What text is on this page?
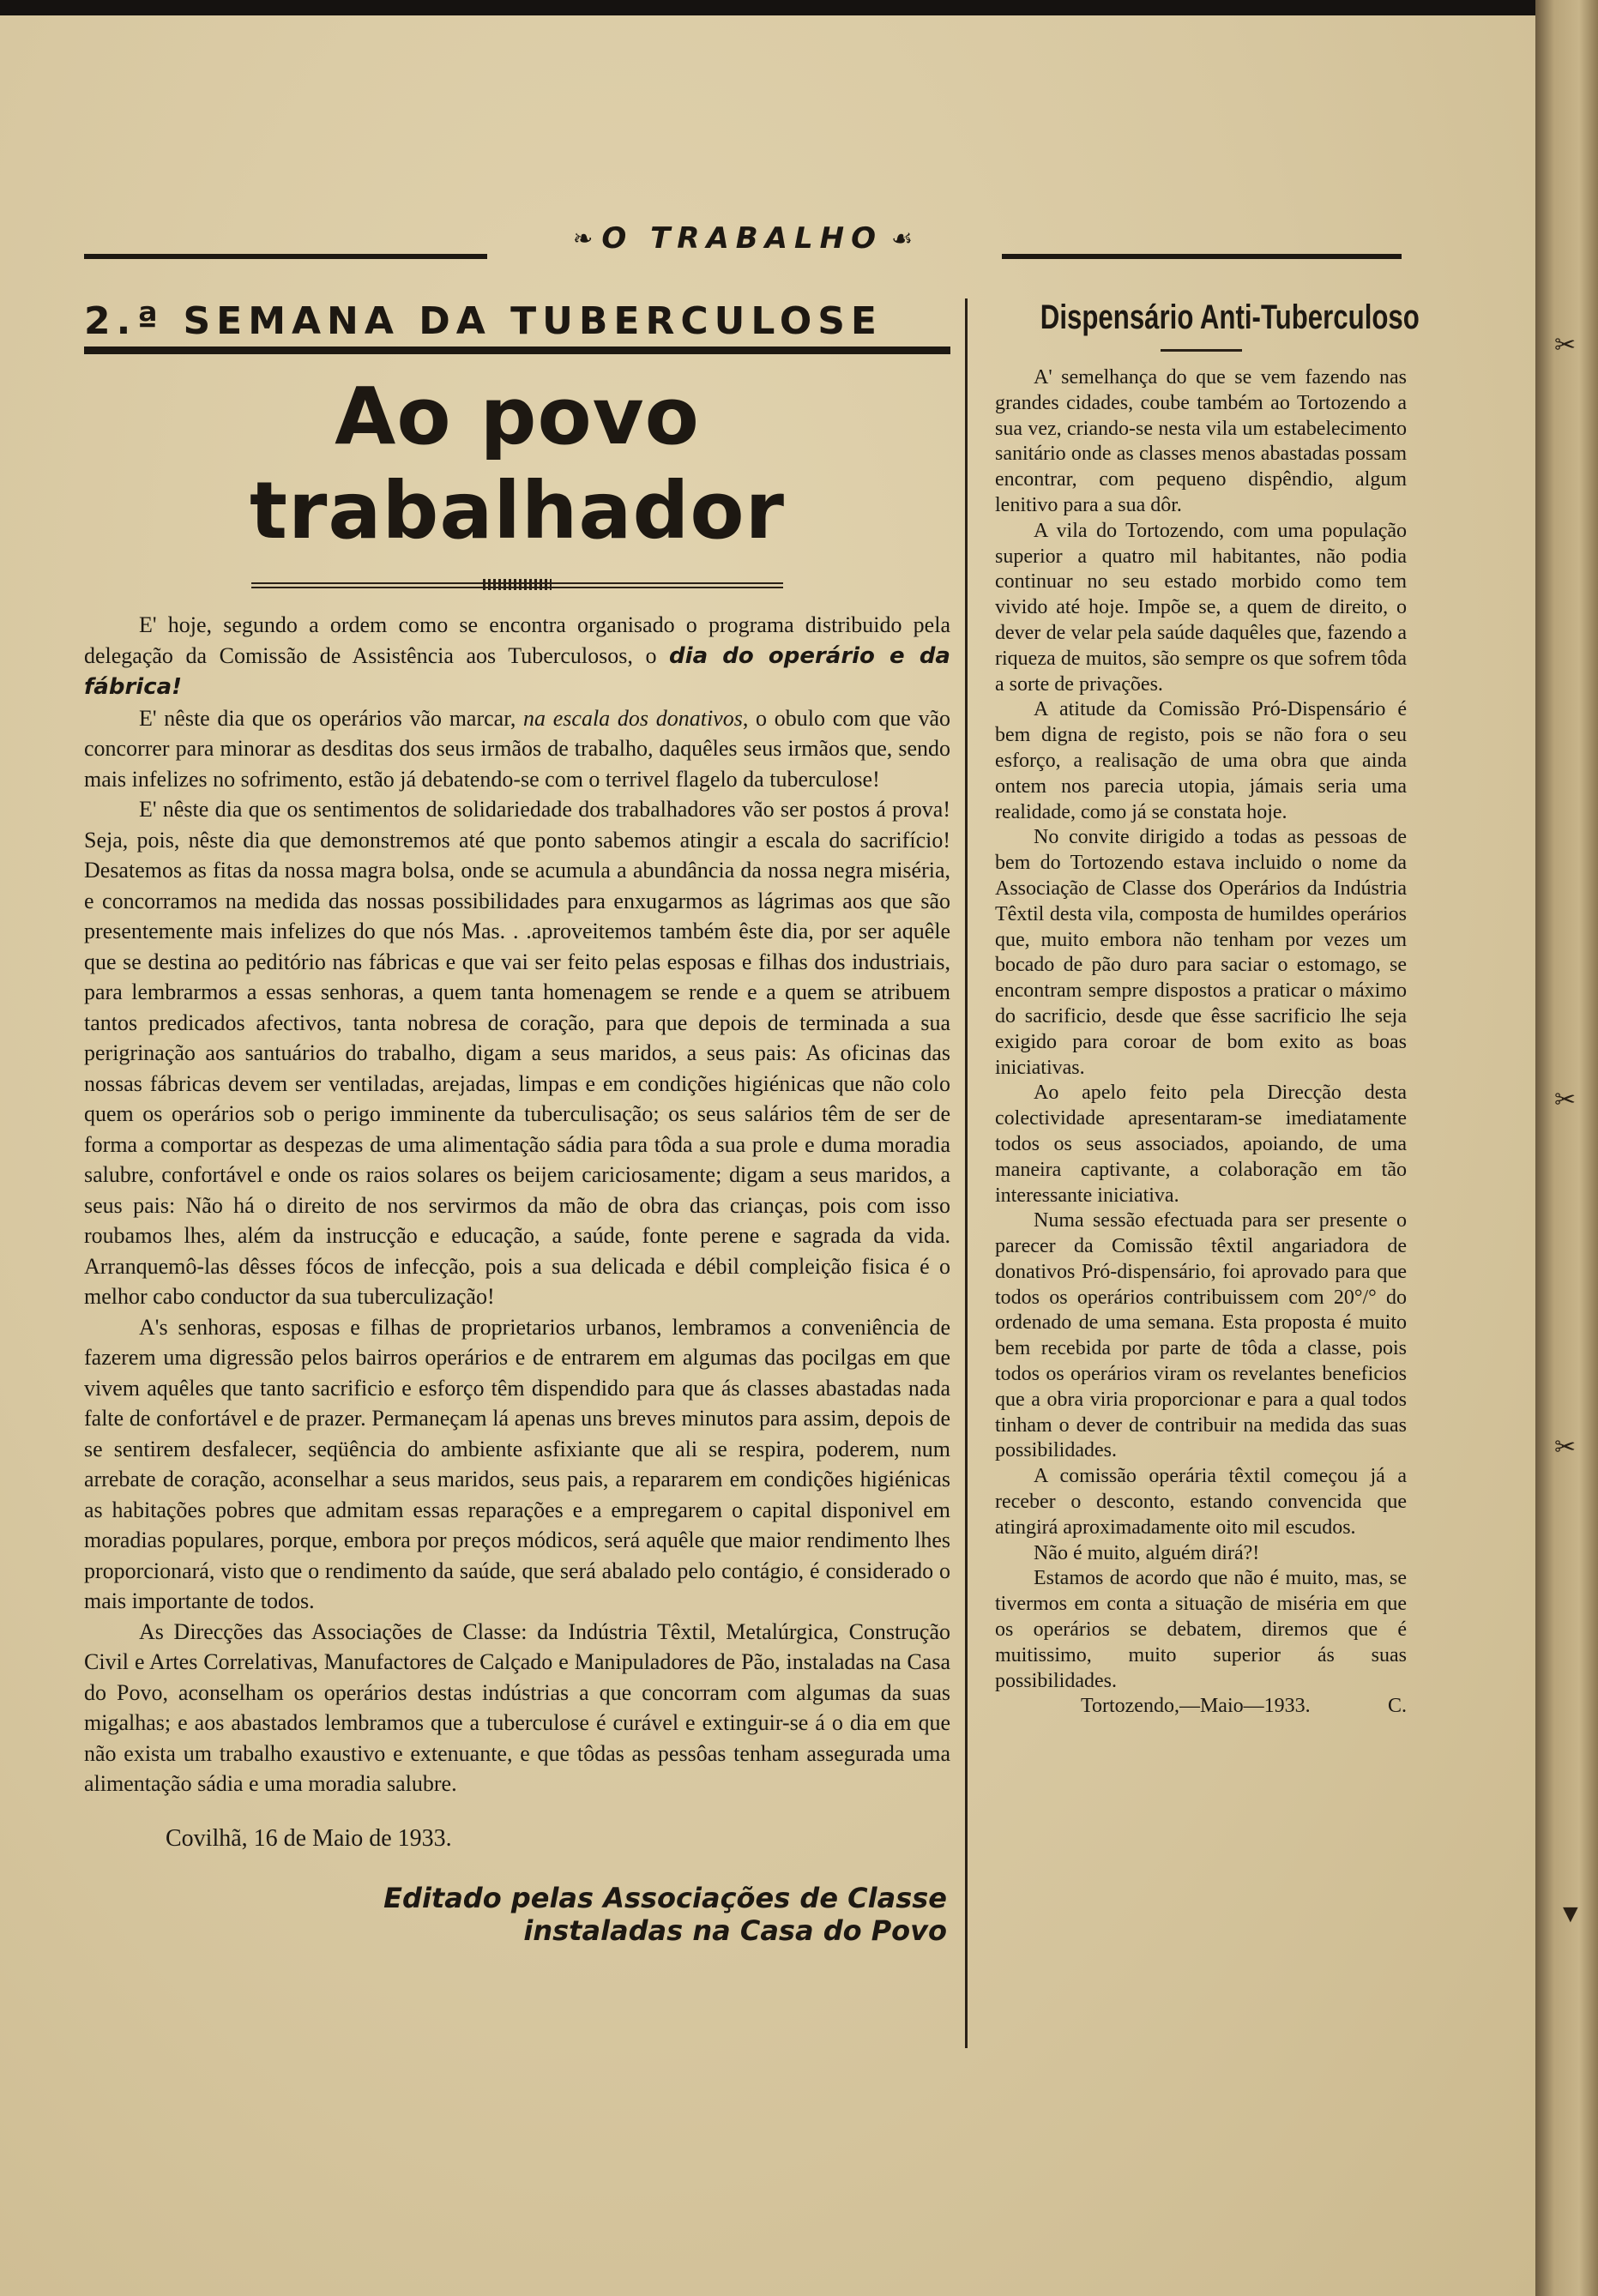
❧ O TRABALHO ☙
2.ª SEMANA DA TUBERCULOSE
Ao povo trabalhador

E' hoje, segundo a ordem como se encontra organisado o programa distribuido pela delegação da Comissão de Assistência aos Tuberculosos, o dia do operário e da fábrica!

E' nêste dia que os operários vão marcar, na escala dos donativos, o obulo com que vão concorrer para minorar as desditas dos seus irmãos de trabalho, daquêles seus irmãos que, sendo mais infelizes no sofrimento, estão já debatendo-se com o terrivel flagelo da tuberculose!

E' nêste dia que os sentimentos de solidariedade dos trabalhadores vão ser postos á prova! Seja, pois, nêste dia que demonstremos até que ponto sabemos atingir a escala do sacrifício! Desatemos as fitas da nossa magra bolsa, onde se acumula a abundância da nossa negra miséria, e concorramos na medida das nossas possibilidades para enxugarmos as lágrimas aos que são presentemente mais infelizes do que nós Mas. . .aproveitemos também êste dia, por ser aquêle que se destina ao peditório nas fábricas e que vai ser feito pelas esposas e filhas dos industriais, para lembrarmos a essas senhoras, a quem tanta homenagem se rende e a quem se atribuem tantos predicados afectivos, tanta nobresa de coração, para que depois de terminada a sua perigrinação aos santuários do trabalho, digam a seus maridos, a seus pais: As oficinas das nossas fábricas devem ser ventiladas, arejadas, limpas e em condições higiénicas que não colo quem os operários sob o perigo imminente da tuberculisação; os seus salários têm de ser de forma a comportar as despezas de uma alimentação sádia para tôda a sua prole e duma moradia salubre, confortável e onde os raios solares os beijem cariciosamente; digam a seus maridos, a seus pais: Não há o direito de nos servirmos da mão de obra das crianças, pois com isso roubamos lhes, além da instrucção e educação, a saúde, fonte perene e sagrada da vida. Arranquemô-las dêsses fócos de infecção, pois a sua delicada e débil compleição fisica é o melhor cabo conductor da sua tuberculização!

A's senhoras, esposas e filhas de proprietarios urbanos, lembramos a conveniência de fazerem uma digressão pelos bairros operários e de entrarem em algumas das pocilgas em que vivem aquêles que tanto sacrificio e esforço têm dispendido para que ás classes abastadas nada falte de confortável e de prazer. Permaneçam lá apenas uns breves minutos para assim, depois de se sentirem desfalecer, seqüência do ambiente asfixiante que ali se respira, poderem, num arrebate de coração, aconselhar a seus maridos, seus pais, a repararem em condições higiénicas as habitações pobres que admitam essas reparações e a empregarem o capital disponivel em moradias populares, porque, embora por preços módicos, será aquêle que maior rendimento lhes proporcionará, visto que o rendimento da saúde, que será abalado pelo contágio, é considerado o mais importante de todos.

As Direcções das Associações de Classe: da Indústria Têxtil, Metalúrgica, Construção Civil e Artes Correlativas, Manufactores de Calçado e Manipuladores de Pão, instaladas na Casa do Povo, aconselham os operários destas indústrias a que concorram com algumas da suas migalhas; e aos abastados lembramos que a tuberculose é curável e extinguir-se á o dia em que não exista um trabalho exaustivo e extenuante, e que tôdas as pessôas tenham assegurada uma alimentação sádia e uma moradia salubre.

Covilhã, 16 de Maio de 1933.
Editado pelas Associações de Classe
instaladas na Casa do Povo
Dispensário Anti-Tuberculoso

A' semelhança do que se vem fazendo nas grandes cidades, coube também ao Tortozendo a sua vez, criando-se nesta vila um estabelecimento sanitário onde as classes menos abastadas possam encontrar, com pequeno dispêndio, algum lenitivo para a sua dôr.

A vila do Tortozendo, com uma população superior a quatro mil habitantes, não podia continuar no seu estado morbido como tem vivido até hoje. Impõe se, a quem de direito, o dever de velar pela saúde daquêles que, fazendo a riqueza de muitos, são sempre os que sofrem tôda a sorte de privações.

A atitude da Comissão Pró-Dispensário é bem digna de registo, pois se não fora o seu esforço, a realisação de uma obra que ainda ontem nos parecia utopia, jámais seria uma realidade, como já se constata hoje.

No convite dirigido a todas as pessoas de bem do Tortozendo estava incluido o nome da Associação de Classe dos Operários da Indústria Têxtil desta vila, composta de humildes operários que, muito embora não tenham por vezes um bocado de pão duro para saciar o estomago, se encontram sempre dispostos a praticar o máximo do sacrificio, desde que êsse sacrificio lhe seja exigido para coroar de bom exito as boas iniciativas.

Ao apelo feito pela Direcção desta colectividade apresentaram-se imediatamente todos os seus associados, apoiando, de uma maneira captivante, a colaboração em tão interessante iniciativa.

Numa sessão efectuada para ser presente o parecer da Comissão têxtil angariadora de donativos Pró-dispensário, foi aprovado para que todos os operários contribuissem com 20°/° do ordenado de uma semana. Esta proposta é muito bem recebida por parte de tôda a classe, pois todos os operários viram os revelantes beneficios que a obra viria proporcionar e para a qual todos tinham o dever de contribuir na medida das suas possibilidades.

A comissão operária têxtil começou já a receber o desconto, estando convencida que atingirá aproximadamente oito mil escudos.

Não é muito, alguém dirá?!

Estamos de acordo que não é muito, mas, se tivermos em conta a situação de miséria em que os operários se debatem, diremos que é muitissimo, muito superior ás suas possibilidades.

Tortozendo,—Maio—1933.	C.

✂
✂
✂
▼
